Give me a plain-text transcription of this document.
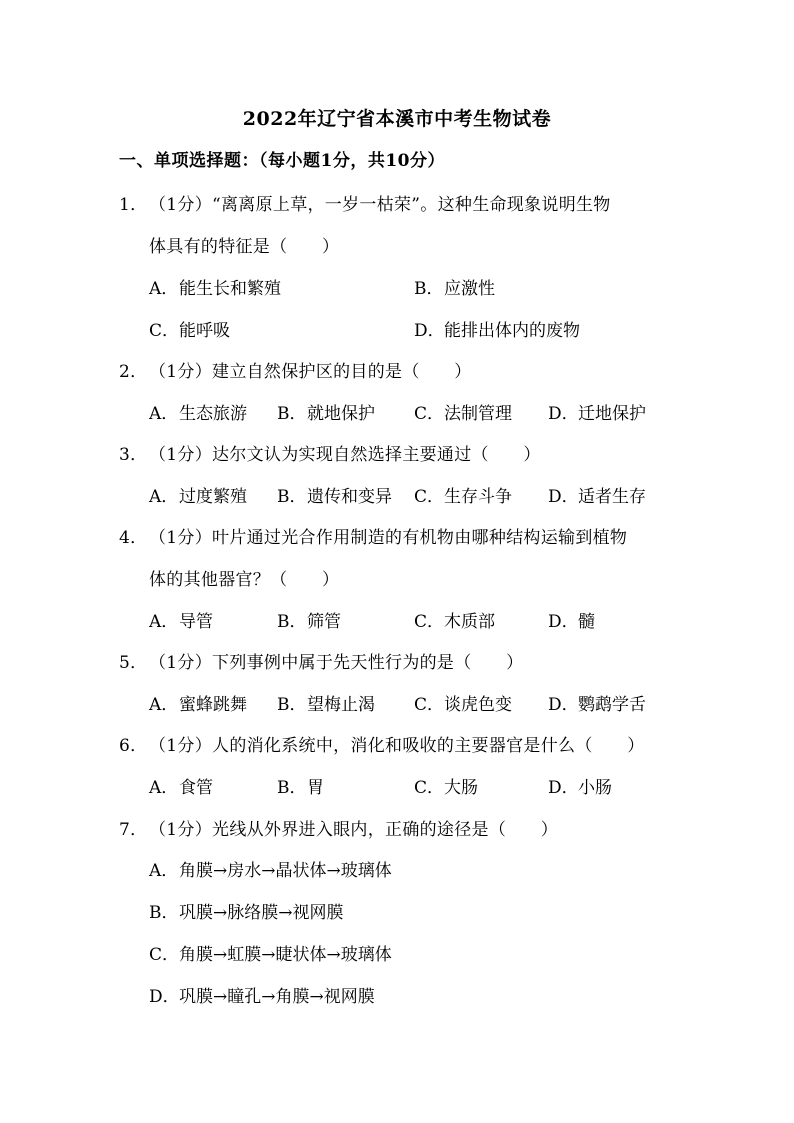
2022年辽宁省本溪市中考生物试卷
一、单项选择题：（每小题1分，共10分）
1．（1分）“离离原上草，一岁一枯荣”。这种生命现象说明生物
体具有的特征是（　　）
A．能生长和繁殖	B．应激性
C．能呼吸	D．能排出体内的废物
2．（1分）建立自然保护区的目的是（　　）
A．生态旅游 B．就地保护 C．法制管理 D．迁地保护
3．（1分）达尔文认为实现自然选择主要通过（　　）
A．过度繁殖 B．遗传和变异 C．生存斗争 D．适者生存
4．（1分）叶片通过光合作用制造的有机物由哪种结构运输到植物
体的其他器官？（　　）
A．导管	B．筛管	C．木质部	D．髓
5．（1分）下列事例中属于先天性行为的是（　　）
A．蜜蜂跳舞 B．望梅止渴 C．谈虎色变 D．鹦鹉学舌
6．（1分）人的消化系统中，消化和吸收的主要器官是什么（　　）
A．食管	B．胃	C．大肠	D．小肠
7．（1分）光线从外界进入眼内，正确的途径是（　　）
A．角膜→房水→晶状体→玻璃体
B．巩膜→脉络膜→视网膜
C．角膜→虹膜→睫状体→玻璃体
D．巩膜→瞳孔→角膜→视网膜
